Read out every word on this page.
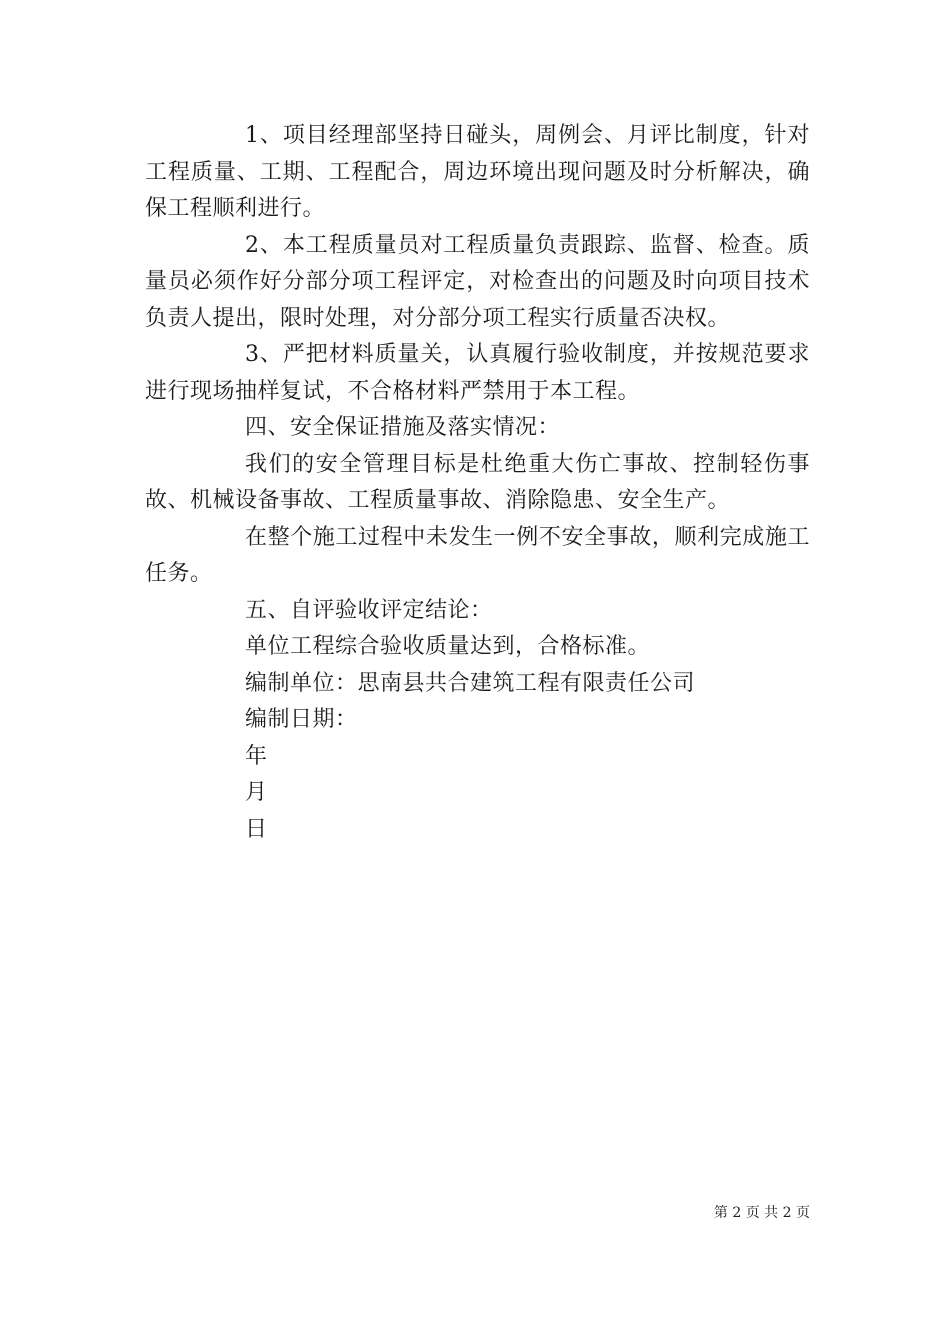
1、项目经理部坚持日碰头，周例会、月评比制度，针对工程质量、工期、工程配合，周边环境出现问题及时分析解决，确保工程顺利进行。

2、本工程质量员对工程质量负责跟踪、监督、检查。质量员必须作好分部分项工程评定，对检查出的问题及时向项目技术负责人提出，限时处理，对分部分项工程实行质量否决权。

3、严把材料质量关，认真履行验收制度，并按规范要求进行现场抽样复试，不合格材料严禁用于本工程。

四、安全保证措施及落实情况：

我们的安全管理目标是杜绝重大伤亡事故、控制轻伤事故、机械设备事故、工程质量事故、消除隐患、安全生产。

在整个施工过程中未发生一例不安全事故，顺利完成施工任务。

五、自评验收评定结论：

单位工程综合验收质量达到，合格标准。

编制单位：思南县共合建筑工程有限责任公司

编制日期：

年

月

日

第 2 页 共 2 页
